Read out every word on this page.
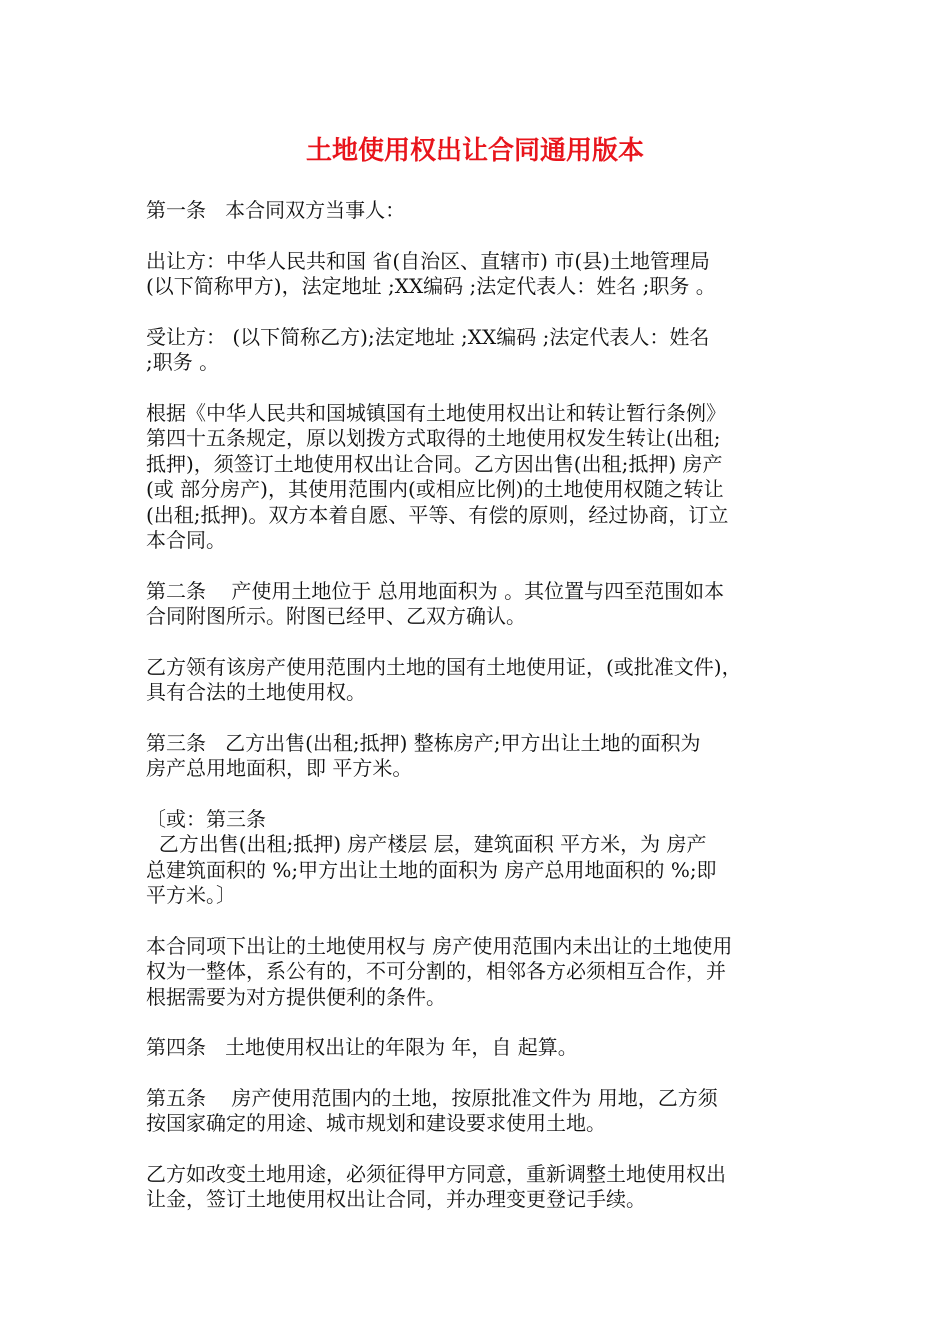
土地使用权出让合同通用版本
第一条   本合同双方当事人：
出让方：中华人民共和国 省(自治区、直辖市) 市(县)土地管理局
(以下简称甲方)，法定地址 ;XX编码 ;法定代表人：姓名 ;职务 。
受让方： (以下简称乙方);法定地址 ;XX编码 ;法定代表人：姓名
;职务 。
根据《中华人民共和国城镇国有土地使用权出让和转让暂行条例》
第四十五条规定，原以划拨方式取得的土地使用权发生转让(出租;
抵押)，须签订土地使用权出让合同。乙方因出售(出租;抵押) 房产
(或 部分房产)，其使用范围内(或相应比例)的土地使用权随之转让
(出租;抵押)。双方本着自愿、平等、有偿的原则，经过协商，订立
本合同。
第二条    产使用土地位于 总用地面积为 。其位置与四至范围如本
合同附图所示。附图已经甲、乙双方确认。
乙方领有该房产使用范围内土地的国有土地使用证，(或批准文件)，
具有合法的土地使用权。
第三条   乙方出售(出租;抵押) 整栋房产;甲方出让土地的面积为
房产总用地面积，即 平方米。
〔或：第三条
乙方出售(出租;抵押) 房产楼层 层，建筑面积 平方米，为 房产
总建筑面积的 %;甲方出让土地的面积为 房产总用地面积的 %;即
平方米。〕
本合同项下出让的土地使用权与 房产使用范围内未出让的土地使用
权为一整体，系公有的，不可分割的，相邻各方必须相互合作，并
根据需要为对方提供便利的条件。
第四条   土地使用权出让的年限为 年，自 起算。
第五条    房产使用范围内的土地，按原批准文件为 用地，乙方须
按国家确定的用途、城市规划和建设要求使用土地。
乙方如改变土地用途，必须征得甲方同意，重新调整土地使用权出
让金，签订土地使用权出让合同，并办理变更登记手续。
